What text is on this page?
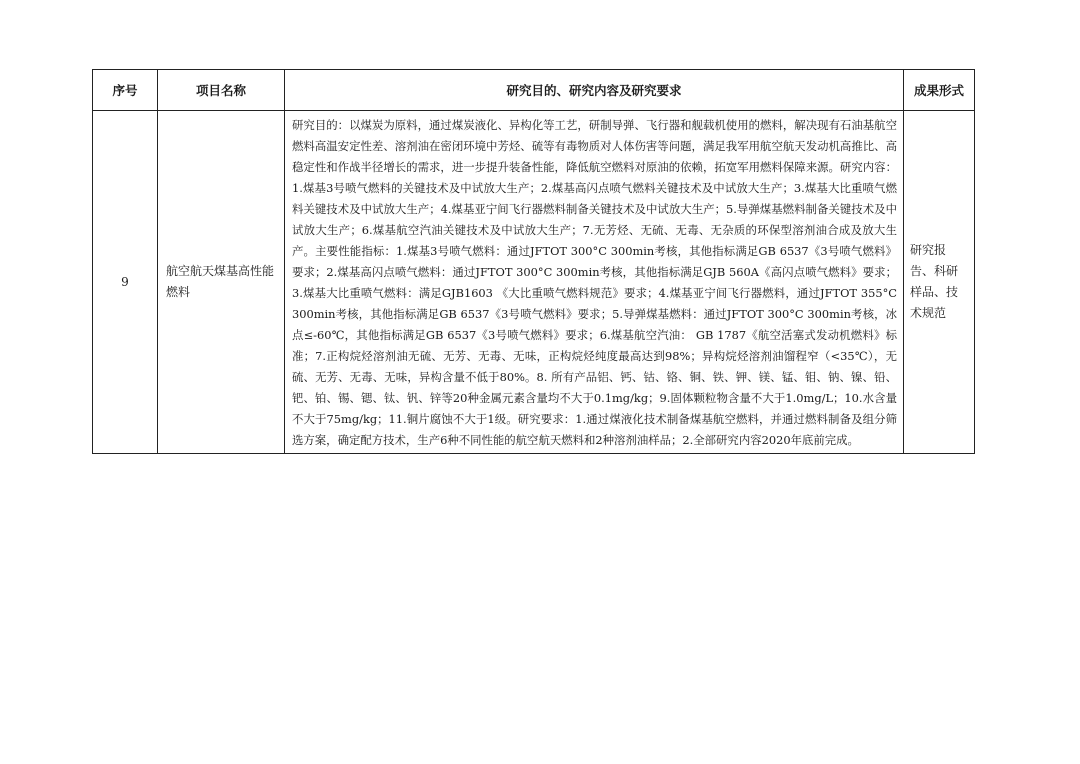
序号	项目名称	研究目的、研究内容及研究要求	成果形式
9	航空航天煤基高性能燃料	研究目的：以煤炭为原料，通过煤炭液化、异构化等工艺，研制导弹、飞行器和舰载机使用的燃料，解决现有石油基航空燃料高温安定性差、溶剂油在密闭环境中芳烃、硫等有毒物质对人体伤害等问题，满足我军用航空航天发动机高推比、高稳定性和作战半径增长的需求，进一步提升装备性能，降低航空燃料对原油的依赖，拓宽军用燃料保障来源。研究内容：1.煤基3号喷气燃料的关键技术及中试放大生产；2.煤基高闪点喷气燃料关键技术及中试放大生产；3.煤基大比重喷气燃料关键技术及中试放大生产；4.煤基亚宁间飞行器燃料制备关键技术及中试放大生产；5.导弹煤基燃料制备关键技术及中试放大生产；6.煤基航空汽油关键技术及中试放大生产；7.无芳烃、无硫、无毒、无杂质的环保型溶剂油合成及放大生产。主要性能指标：1.煤基3号喷气燃料：通过JFTOT 300°C 300min考核，其他指标满足GB 6537《3号喷气燃料》要求；2.煤基高闪点喷气燃料：通过JFTOT 300°C 300min考核，其他指标满足GJB 560A《高闪点喷气燃料》要求；3.煤基大比重喷气燃料：满足GJB1603 《大比重喷气燃料规范》要求；4.煤基亚宁间飞行器燃料，通过JFTOT 355°C 300min考核，其他指标满足GB 6537《3号喷气燃料》要求；5.导弹煤基燃料：通过JFTOT 300°C 300min考核，冰点≤-60℃，其他指标满足GB 6537《3号喷气燃料》要求；6.煤基航空汽油： GB 1787《航空活塞式发动机燃料》标准；7.正构烷烃溶剂油无硫、无芳、无毒、无味，正构烷烃纯度最高达到98%；异构烷烃溶剂油馏程窄（<35℃），无硫、无芳、无毒、无味，异构含量不低于80%。8. 所有产品铝、钙、钴、铬、铜、铁、钾、镁、锰、钼、钠、镍、铅、钯、铂、锡、锶、钛、钒、锌等20种金属元素含量均不大于0.1mg/kg；9.固体颗粒物含量不大于1.0mg/L；10.水含量不大于75mg/kg；11.铜片腐蚀不大于1级。研究要求：1.通过煤液化技术制备煤基航空燃料，并通过燃料制备及组分筛选方案，确定配方技术，生产6种不同性能的航空航天燃料和2种溶剂油样品；2.全部研究内容2020年底前完成。	研究报告、科研样品、技术规范
